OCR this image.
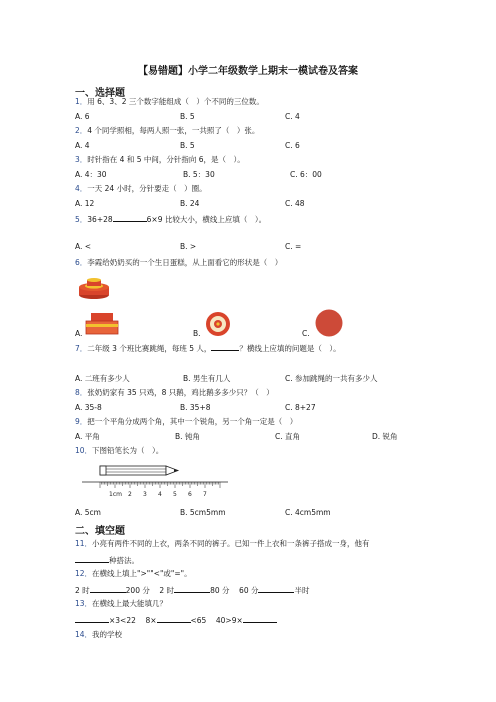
【易错题】小学二年级数学上期末一模试卷及答案
一、选择题
1．用 6、3、2 三个数字能组成（　）个不同的三位数。
A. 6	B. 5	C. 4
2．4 个同学照相，每两人照一张，一共照了（　）张。
A. 4	B. 5	C. 6
3．时针指在 4 和 5 中间，分针指向 6，是（　）。
A. 4：30	B. 5：30	C. 6：00
4．一天 24 小时，分针要走（　）圈。
A. 12	B. 24	C. 48
5．36+28	6×9 比较大小，横线上应填（　）。
A. <	B. >	C. =
6．李霞给奶奶买的一个生日蛋糕，从上面看它的形状是（　）
A.	B.	C.
7．二年级 3 个班比赛跳绳，每班 5 人，	？横线上应填的问题是（　）。
A. 二班有多少人	B. 男生有几人	C. 参加跳绳的一共有多少人
8．张奶奶家有 35 只鸡，8 只鹅，鸡比鹅多多少只？（　）
A. 35-8	B. 35+8	C. 8+27
9．把一个平角分成两个角，其中一个锐角，另一个角一定是（　）
A. 平角	B. 钝角	C. 直角	D. 锐角
10．下图铅笔长为（　）。
1cm 2 3 4 5 6 7
A. 5cm	B. 5cm5mm	C. 4cm5mm
二、填空题
11．小亮有两件不同的上衣，两条不同的裤子。已知一件上衣和一条裤子搭成一身，他有
种搭法。
12．在横线上填上">""<"或"="。
2 时	200 分 2 时	80 分 60 分	半时
13．在横线上最大能填几？
×3<22 8×	<65 40>9×
14．我的学校
